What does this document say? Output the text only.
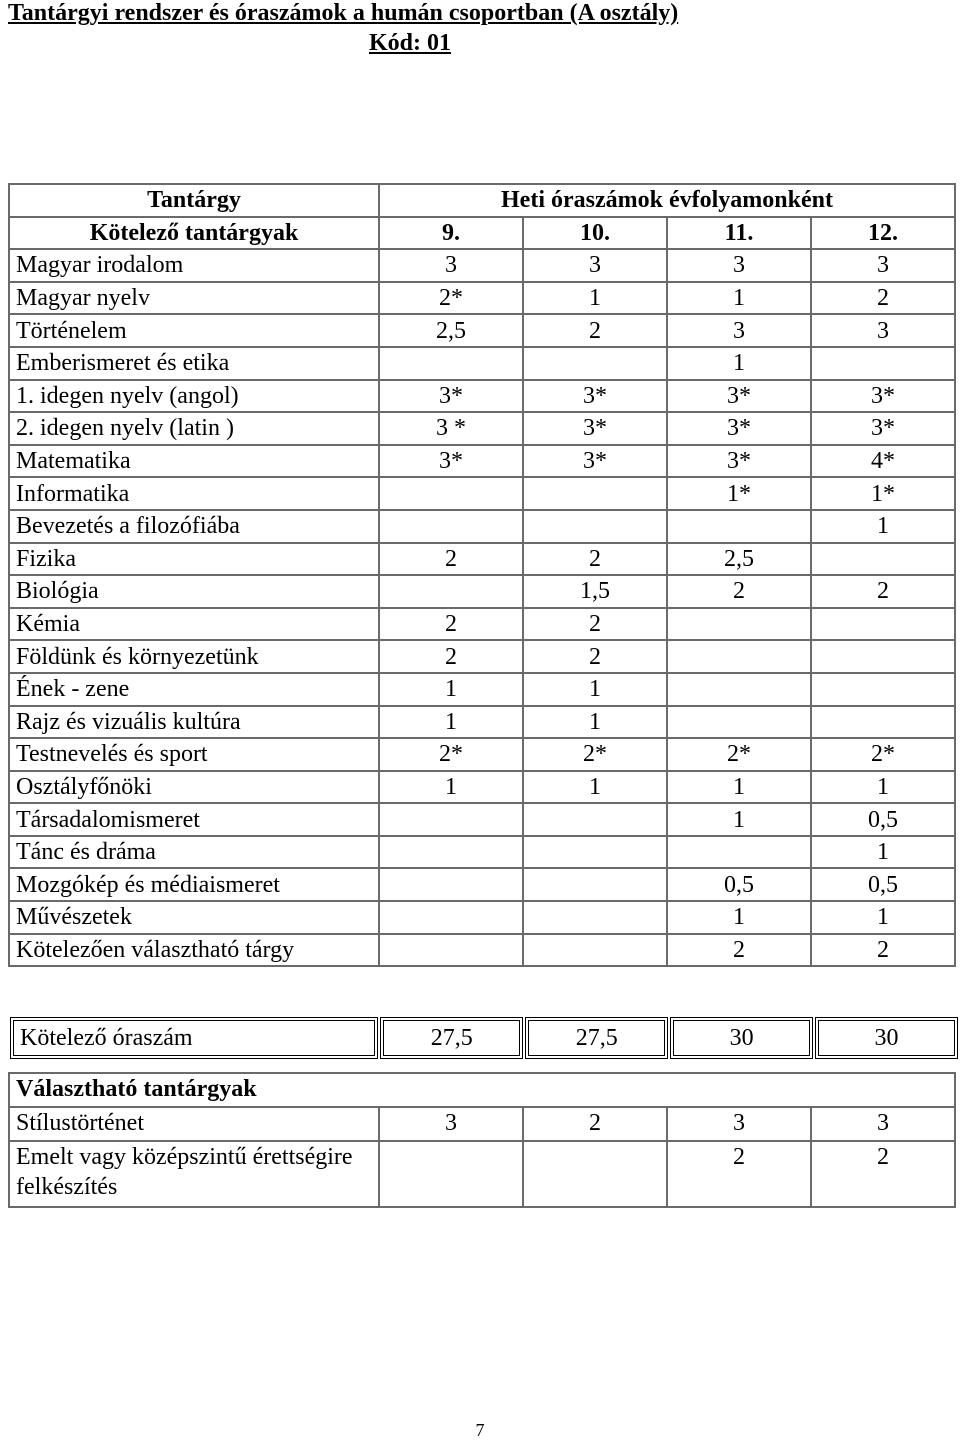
Tantárgyi rendszer és óraszámok a humán csoportban (A osztály)
Kód: 01

Tantárgy	Heti óraszámok évfolyamonként			
Kötelező tantárgyak	9.	10.	11.	12.
Magyar irodalom	3	3	3	3
Magyar nyelv	2*	1	1	2
Történelem	2,5	2	3	3
Emberismeret és etika			1	
1. idegen nyelv (angol)	3*	3*	3*	3*
2. idegen nyelv (latin )	3 *	3*	3*	3*
Matematika	3*	3*	3*	4*
Informatika			1*	1*
Bevezetés a filozófiába				1
Fizika	2	2	2,5	
Biológia		1,5	2	2
Kémia	2	2		
Földünk és környezetünk	2	2		
Ének - zene	1	1		
Rajz és vizuális kultúra	1	1		
Testnevelés és sport	2*	2*	2*	2*
Osztályfőnöki	1	1	1	1
Társadalomismeret			1	0,5
Tánc és dráma				1
Mozgókép és médiaismeret			0,5	0,5
Művészetek			1	1
Kötelezően választható tárgy			2	2
Kötelező óraszám	27,5	27,5	30	30

Választható tantárgyak				
Stílustörténet	3	2	3	3
Emelt vagy középszintű érettségire felkészítés			2	2
7
